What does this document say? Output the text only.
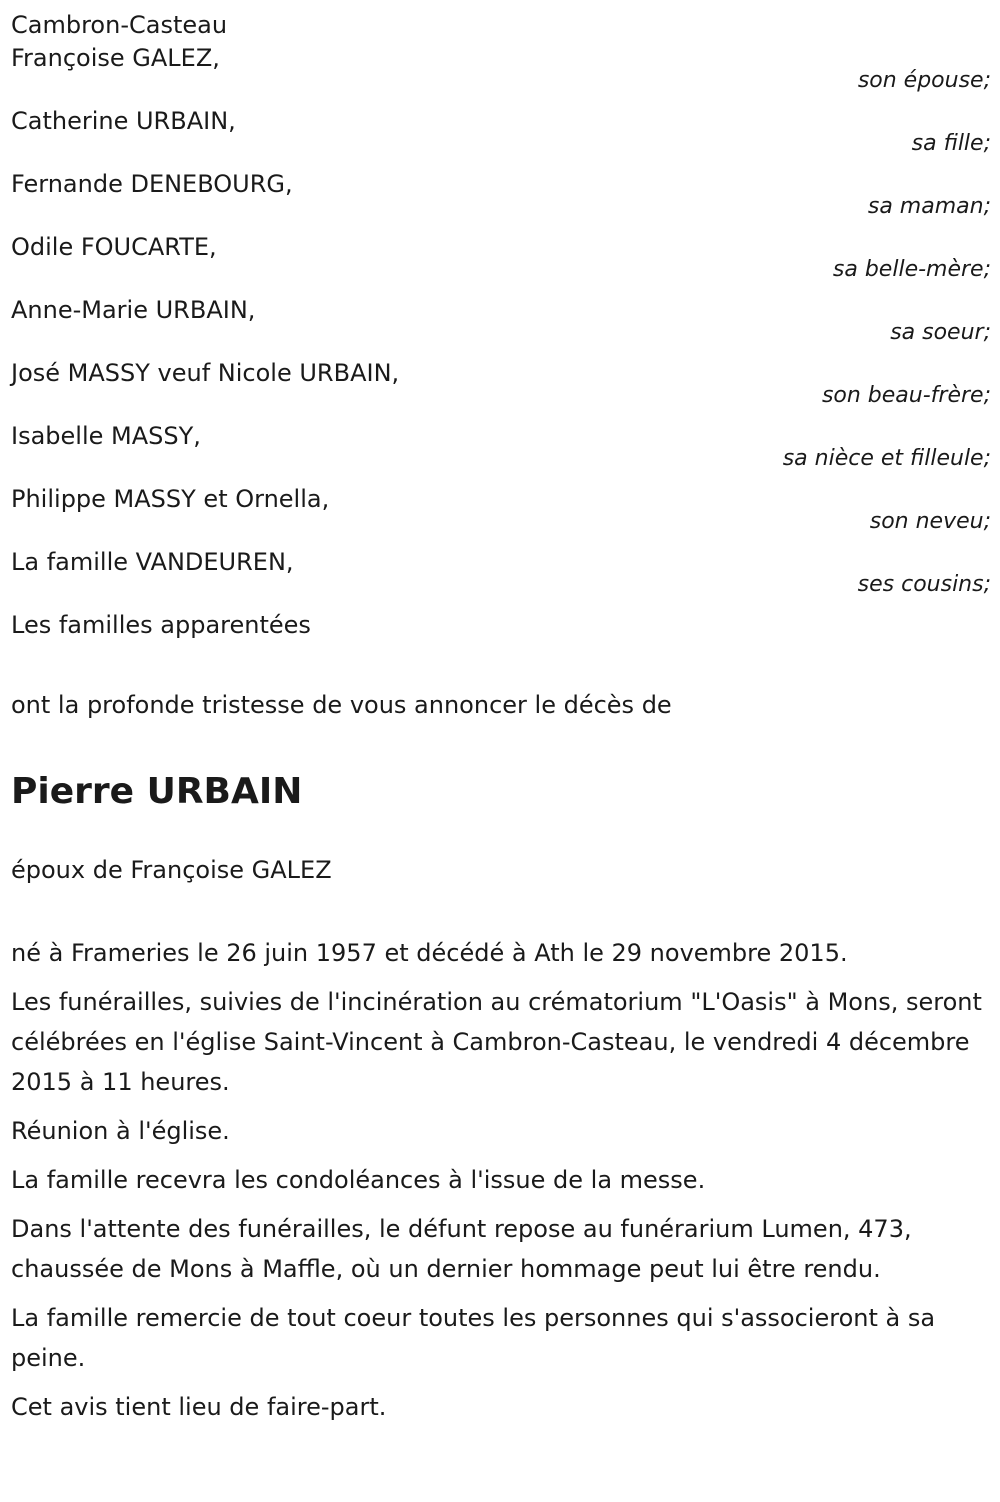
Cambron-Casteau
Françoise GALEZ,
son épouse;
Catherine URBAIN,
sa fille;
Fernande DENEBOURG,
sa maman;
Odile FOUCARTE,
sa belle-mère;
Anne-Marie URBAIN,
sa soeur;
José MASSY veuf Nicole URBAIN,
son beau-frère;
Isabelle MASSY,
sa nièce et filleule;
Philippe MASSY et Ornella,
son neveu;
La famille VANDEUREN,
ses cousins;
Les familles apparentées
ont la profonde tristesse de vous annoncer le décès de
Pierre URBAIN
époux de Françoise GALEZ

né à Frameries le 26 juin 1957 et décédé à Ath le 29 novembre 2015.

Les funérailles, suivies de l'incinération au crématorium "L'Oasis" à Mons, seront célébrées en l'église Saint-Vincent à Cambron-Casteau, le vendredi 4 décembre 2015 à 11 heures.

Réunion à l'église.

La famille recevra les condoléances à l'issue de la messe.

Dans l'attente des funérailles, le défunt repose au funérarium Lumen, 473, chaussée de Mons à Maffle, où un dernier hommage peut lui être rendu.

La famille remercie de tout coeur toutes les personnes qui s'associeront à sa peine.

Cet avis tient lieu de faire-part.
